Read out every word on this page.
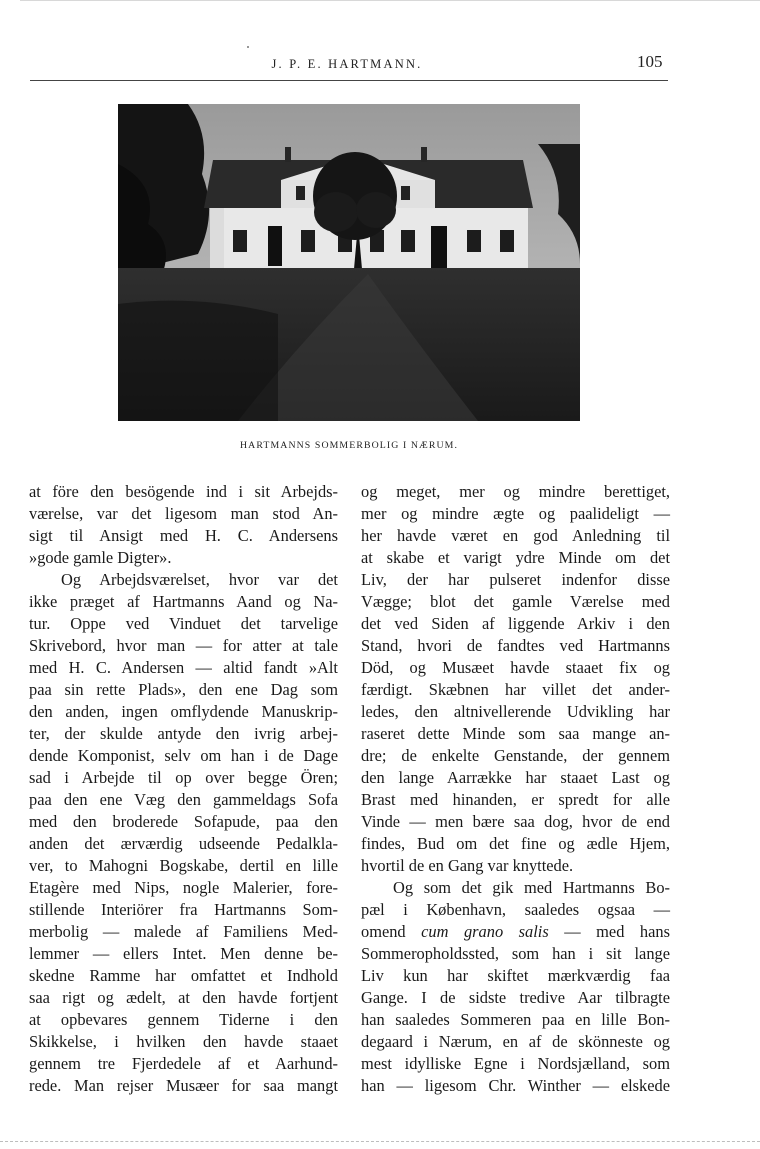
J. P. E. HARTMANN.	105
HARTMANNS SOMMERBOLIG I NÆRUM.
at före den besögende ind i sit Arbejds-
værelse, var det ligesom man stod An-
sigt til Ansigt med H. C. Andersens
»gode gamle Digter».
Og Arbejdsværelset, hvor var det
ikke præget af Hartmanns Aand og Na-
tur. Oppe ved Vinduet det tarvelige
Skrivebord, hvor man — for atter at tale
med H. C. Andersen — altid fandt »Alt
paa sin rette Plads», den ene Dag som
den anden, ingen omflydende Manuskrip-
ter, der skulde antyde den ivrig arbej-
dende Komponist, selv om han i de Dage
sad i Arbejde til op over begge Ören;
paa den ene Væg den gammeldags Sofa
med den broderede Sofapude, paa den
anden det ærværdig udseende Pedalkla-
ver, to Mahogni Bogskabe, dertil en lille
Etagère med Nips, nogle Malerier, fore-
stillende Interiörer fra Hartmanns Som-
merbolig — malede af Familiens Med-
lemmer — ellers Intet. Men denne be-
skedne Ramme har omfattet et Indhold
saa rigt og ædelt, at den havde fortjent
at opbevares gennem Tiderne i den
Skikkelse, i hvilken den havde staaet
gennem tre Fjerdedele af et Aarhund-
rede. Man rejser Musæer for saa mangt
og meget, mer og mindre berettiget,
mer og mindre ægte og paalideligt —
her havde været en god Anledning til
at skabe et varigt ydre Minde om det
Liv, der har pulseret indenfor disse
Vægge; blot det gamle Værelse med
det ved Siden af liggende Arkiv i den
Stand, hvori de fandtes ved Hartmanns
Död, og Musæet havde staaet fix og
færdigt. Skæbnen har villet det ander-
ledes, den altnivellerende Udvikling har
raseret dette Minde som saa mange an-
dre; de enkelte Genstande, der gennem
den lange Aarrække har staaet Last og
Brast med hinanden, er spredt for alle
Vinde — men bære saa dog, hvor de end
findes, Bud om det fine og ædle Hjem,
hvortil de en Gang var knyttede.
Og som det gik med Hartmanns Bo-
pæl i København, saaledes ogsaa —
omend cum grano salis — med hans
Sommeropholdssted, som han i sit lange
Liv kun har skiftet mærkværdig faa
Gange. I de sidste tredive Aar tilbragte
han saaledes Sommeren paa en lille Bon-
degaard i Nærum, en af de skönneste og
mest idylliske Egne i Nordsjælland, som
han — ligesom Chr. Winther — elskede
